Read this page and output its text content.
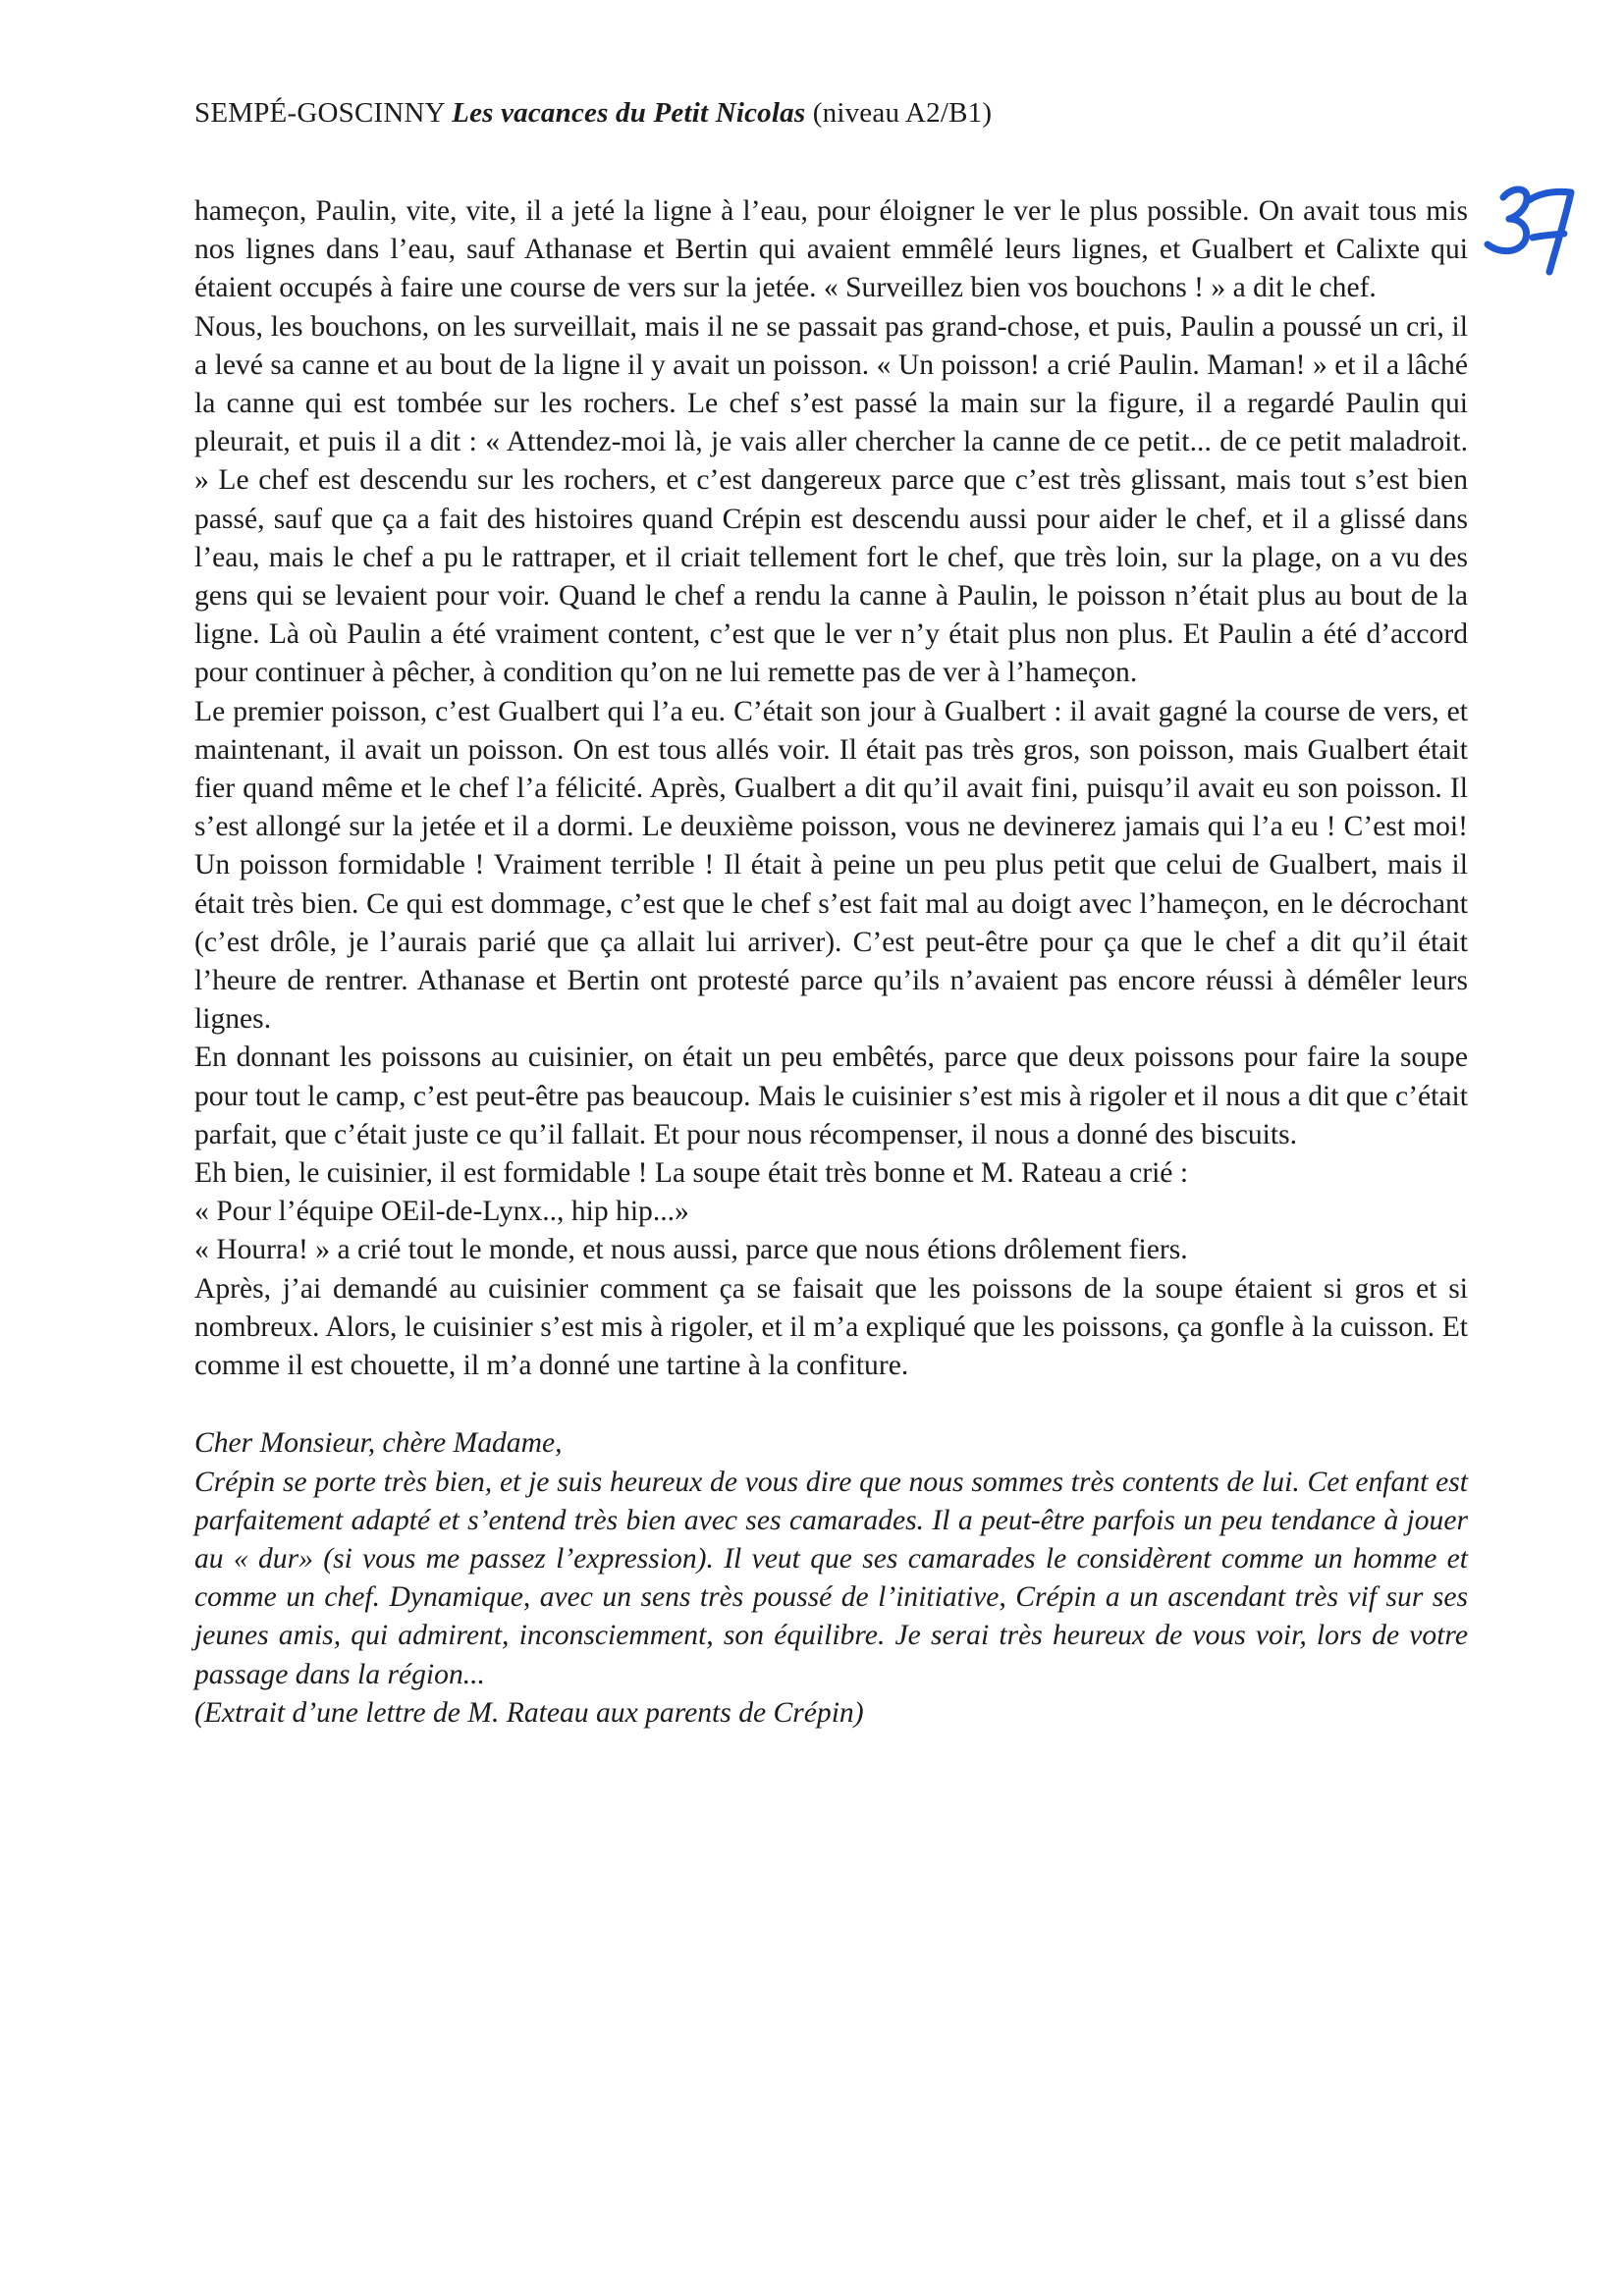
SEMPÉ-GOSCINNY Les vacances du Petit Nicolas (niveau A2/B1)

hameçon, Paulin, vite, vite, il a jeté la ligne à l’eau, pour éloigner le ver le plus possible. On avait tous mis nos lignes dans l’eau, sauf Athanase et Bertin qui avaient emmêlé leurs lignes, et Gualbert et Calixte qui étaient occupés à faire une course de vers sur la jetée. « Surveillez bien vos bouchons ! » a dit le chef.

Nous, les bouchons, on les surveillait, mais il ne se passait pas grand-chose, et puis, Paulin a poussé un cri, il a levé sa canne et au bout de la ligne il y avait un poisson. « Un poisson! a crié Paulin. Maman! » et il a lâché la canne qui est tombée sur les rochers. Le chef s’est passé la main sur la figure, il a regardé Paulin qui pleurait, et puis il a dit : « Attendez-moi là, je vais aller chercher la canne de ce petit... de ce petit maladroit. » Le chef est descendu sur les rochers, et c’est dangereux parce que c’est très glissant, mais tout s’est bien passé, sauf que ça a fait des histoires quand Crépin est descendu aussi pour aider le chef, et il a glissé dans l’eau, mais le chef a pu le rattraper, et il criait tellement fort le chef, que très loin, sur la plage, on a vu des gens qui se levaient pour voir. Quand le chef a rendu la canne à Paulin, le poisson n’était plus au bout de la ligne. Là où Paulin a été vraiment content, c’est que le ver n’y était plus non plus. Et Paulin a été d’accord pour continuer à pêcher, à condition qu’on ne lui remette pas de ver à l’hameçon.

Le premier poisson, c’est Gualbert qui l’a eu. C’était son jour à Gualbert : il avait gagné la course de vers, et maintenant, il avait un poisson. On est tous allés voir. Il était pas très gros, son poisson, mais Gualbert était fier quand même et le chef l’a félicité. Après, Gualbert a dit qu’il avait fini, puisqu’il avait eu son poisson. Il s’est allongé sur la jetée et il a dormi. Le deuxième poisson, vous ne devinerez jamais qui l’a eu ! C’est moi! Un poisson formidable ! Vraiment terrible ! Il était à peine un peu plus petit que celui de Gualbert, mais il était très bien. Ce qui est dommage, c’est que le chef s’est fait mal au doigt avec l’hameçon, en le décrochant (c’est drôle, je l’aurais parié que ça allait lui arriver). C’est peut-être pour ça que le chef a dit qu’il était l’heure de rentrer. Athanase et Bertin ont protesté parce qu’ils n’avaient pas encore réussi à démêler leurs lignes.

En donnant les poissons au cuisinier, on était un peu embêtés, parce que deux poissons pour faire la soupe pour tout le camp, c’est peut-être pas beaucoup. Mais le cuisinier s’est mis à rigoler et il nous a dit que c’était parfait, que c’était juste ce qu’il fallait. Et pour nous récompenser, il nous a donné des biscuits.

Eh bien, le cuisinier, il est formidable ! La soupe était très bonne et M. Rateau a crié :

« Pour l’équipe OEil-de-Lynx.., hip hip...»

« Hourra! » a crié tout le monde, et nous aussi, parce que nous étions drôlement fiers.

Après, j’ai demandé au cuisinier comment ça se faisait que les poissons de la soupe étaient si gros et si nombreux. Alors, le cuisinier s’est mis à rigoler, et il m’a expliqué que les poissons, ça gonfle à la cuisson. Et comme il est chouette, il m’a donné une tartine à la confiture.

Cher Monsieur, chère Madame,

Crépin se porte très bien, et je suis heureux de vous dire que nous sommes très contents de lui. Cet enfant est parfaitement adapté et s’entend très bien avec ses camarades. Il a peut-être parfois un peu tendance à jouer au « dur» (si vous me passez l’expression). Il veut que ses camarades le considèrent comme un homme et comme un chef. Dynamique, avec un sens très poussé de l’initiative, Crépin a un ascendant très vif sur ses jeunes amis, qui admirent, inconsciemment, son équilibre. Je serai très heureux de vous voir, lors de votre passage dans la région...

(Extrait d’une lettre de M. Rateau aux parents de Crépin)
